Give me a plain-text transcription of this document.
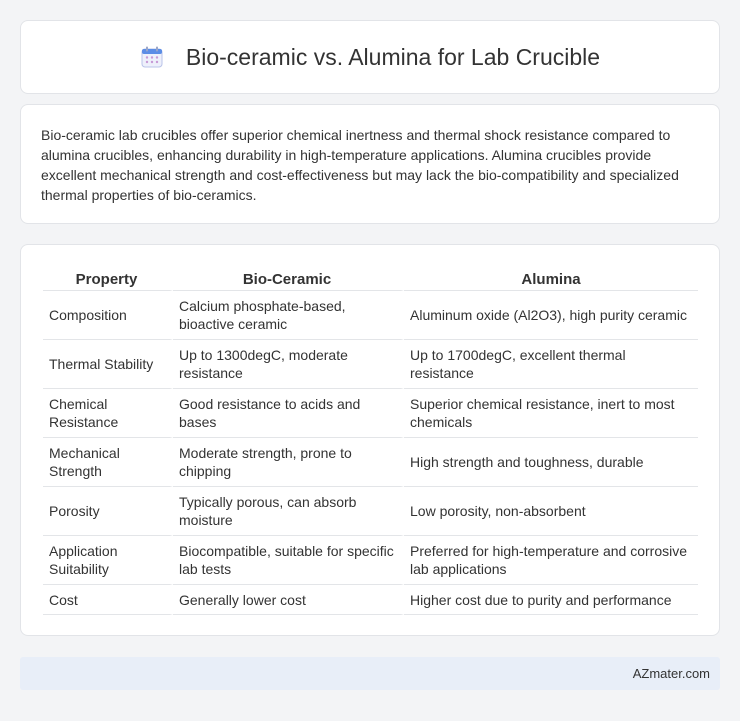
Bio-ceramic vs. Alumina for Lab Crucible

Bio-ceramic lab crucibles offer superior chemical inertness and thermal shock resistance compared to alumina crucibles, enhancing durability in high-temperature applications. Alumina crucibles provide excellent mechanical strength and cost-effectiveness but may lack the bio-compatibility and specialized thermal properties of bio-ceramics.

Property	Bio-Ceramic	Alumina
Composition	Calcium phosphate-based, bioactive ceramic	Aluminum oxide (Al2O3), high purity ceramic
Thermal Stability	Up to 1300degC, moderate resistance	Up to 1700degC, excellent thermal resistance
Chemical Resistance	Good resistance to acids and bases	Superior chemical resistance, inert to most chemicals
Mechanical Strength	Moderate strength, prone to chipping	High strength and toughness, durable
Porosity	Typically porous, can absorb moisture	Low porosity, non-absorbent
Application Suitability	Biocompatible, suitable for specific lab tests	Preferred for high-temperature and corrosive lab applications
Cost	Generally lower cost	Higher cost due to purity and performance
AZmater.com
